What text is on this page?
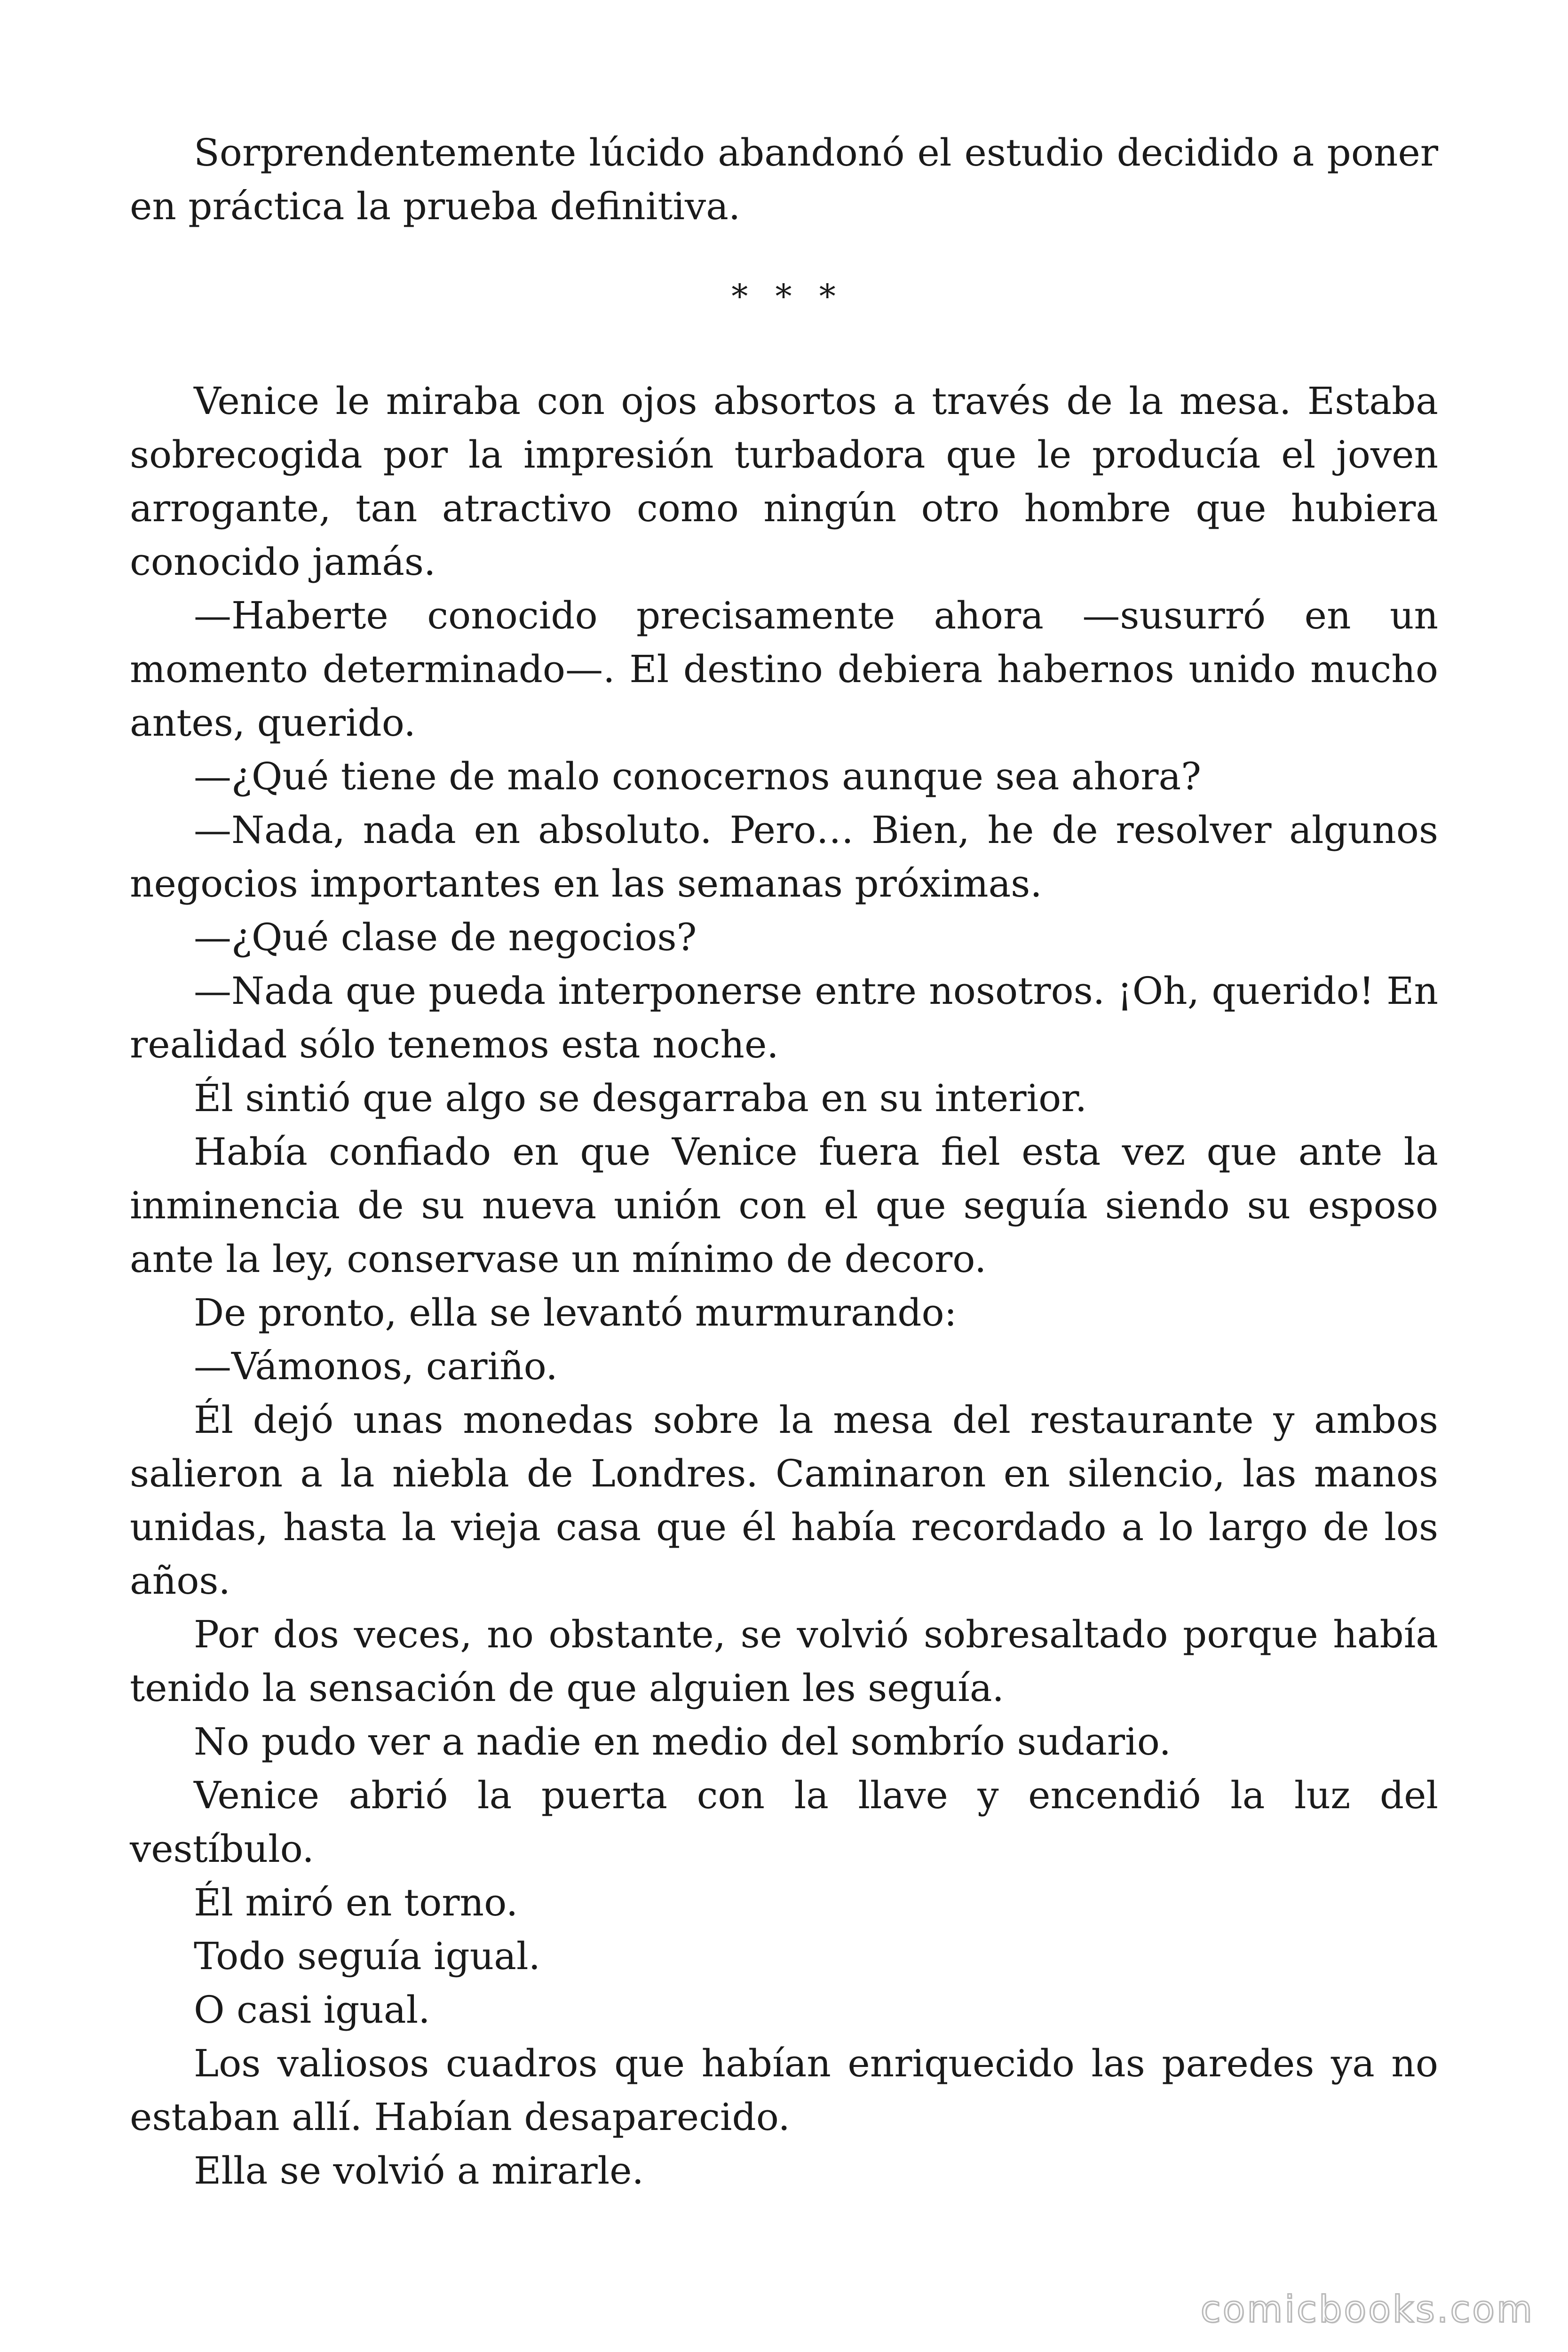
Sorprendentemente lúcido abandonó el estudio decidido a poner en práctica la prueba definitiva.

* * *

Venice le miraba con ojos absortos a través de la mesa. Estaba sobrecogida por la impresión turbadora que le producía el joven arrogante, tan atractivo como ningún otro hombre que hubiera conocido jamás.

—Haberte conocido precisamente ahora —susurró en un momento determinado—. El destino debiera habernos unido mucho antes, querido.

—¿Qué tiene de malo conocernos aunque sea ahora?

—Nada, nada en absoluto. Pero… Bien, he de resolver algunos negocios importantes en las semanas próximas.

—¿Qué clase de negocios?

—Nada que pueda interponerse entre nosotros. ¡Oh, querido! En realidad sólo tenemos esta noche.

Él sintió que algo se desgarraba en su interior.

Había confiado en que Venice fuera fiel esta vez que ante la inminencia de su nueva unión con el que seguía siendo su esposo ante la ley, conservase un mínimo de decoro.

De pronto, ella se levantó murmurando:

—Vámonos, cariño.

Él dejó unas monedas sobre la mesa del restaurante y ambos salieron a la niebla de Londres. Caminaron en silencio, las manos unidas, hasta la vieja casa que él había recordado a lo largo de los años.

Por dos veces, no obstante, se volvió sobresaltado porque había tenido la sensación de que alguien les seguía.

No pudo ver a nadie en medio del sombrío sudario.

Venice abrió la puerta con la llave y encendió la luz del vestíbulo.

Él miró en torno.

Todo seguía igual.

O casi igual.

Los valiosos cuadros que habían enriquecido las paredes ya no estaban allí. Habían desaparecido.

Ella se volvió a mirarle.

comicbooks.com
